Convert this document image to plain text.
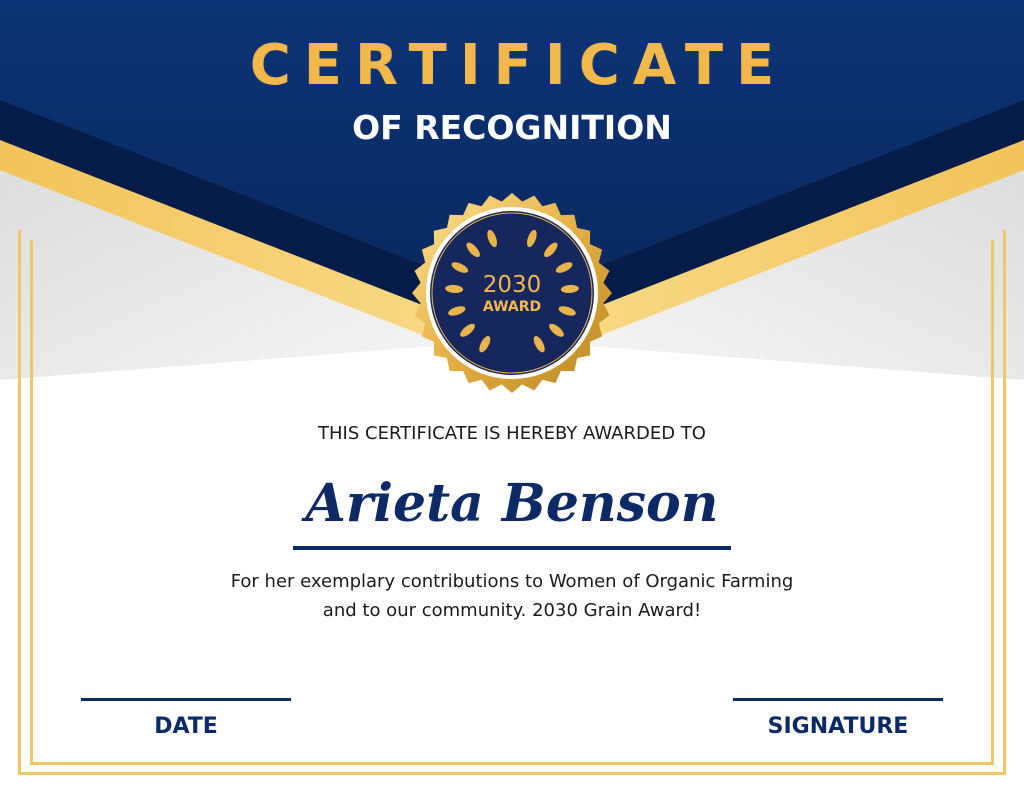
CERTIFICATE
OF RECOGNITION
2030
AWARD
THIS CERTIFICATE IS HEREBY AWARDED TO
Arieta Benson
For her exemplary contributions to Women of Organic Farming
and to our community. 2030 Grain Award!
DATE	SIGNATURE
